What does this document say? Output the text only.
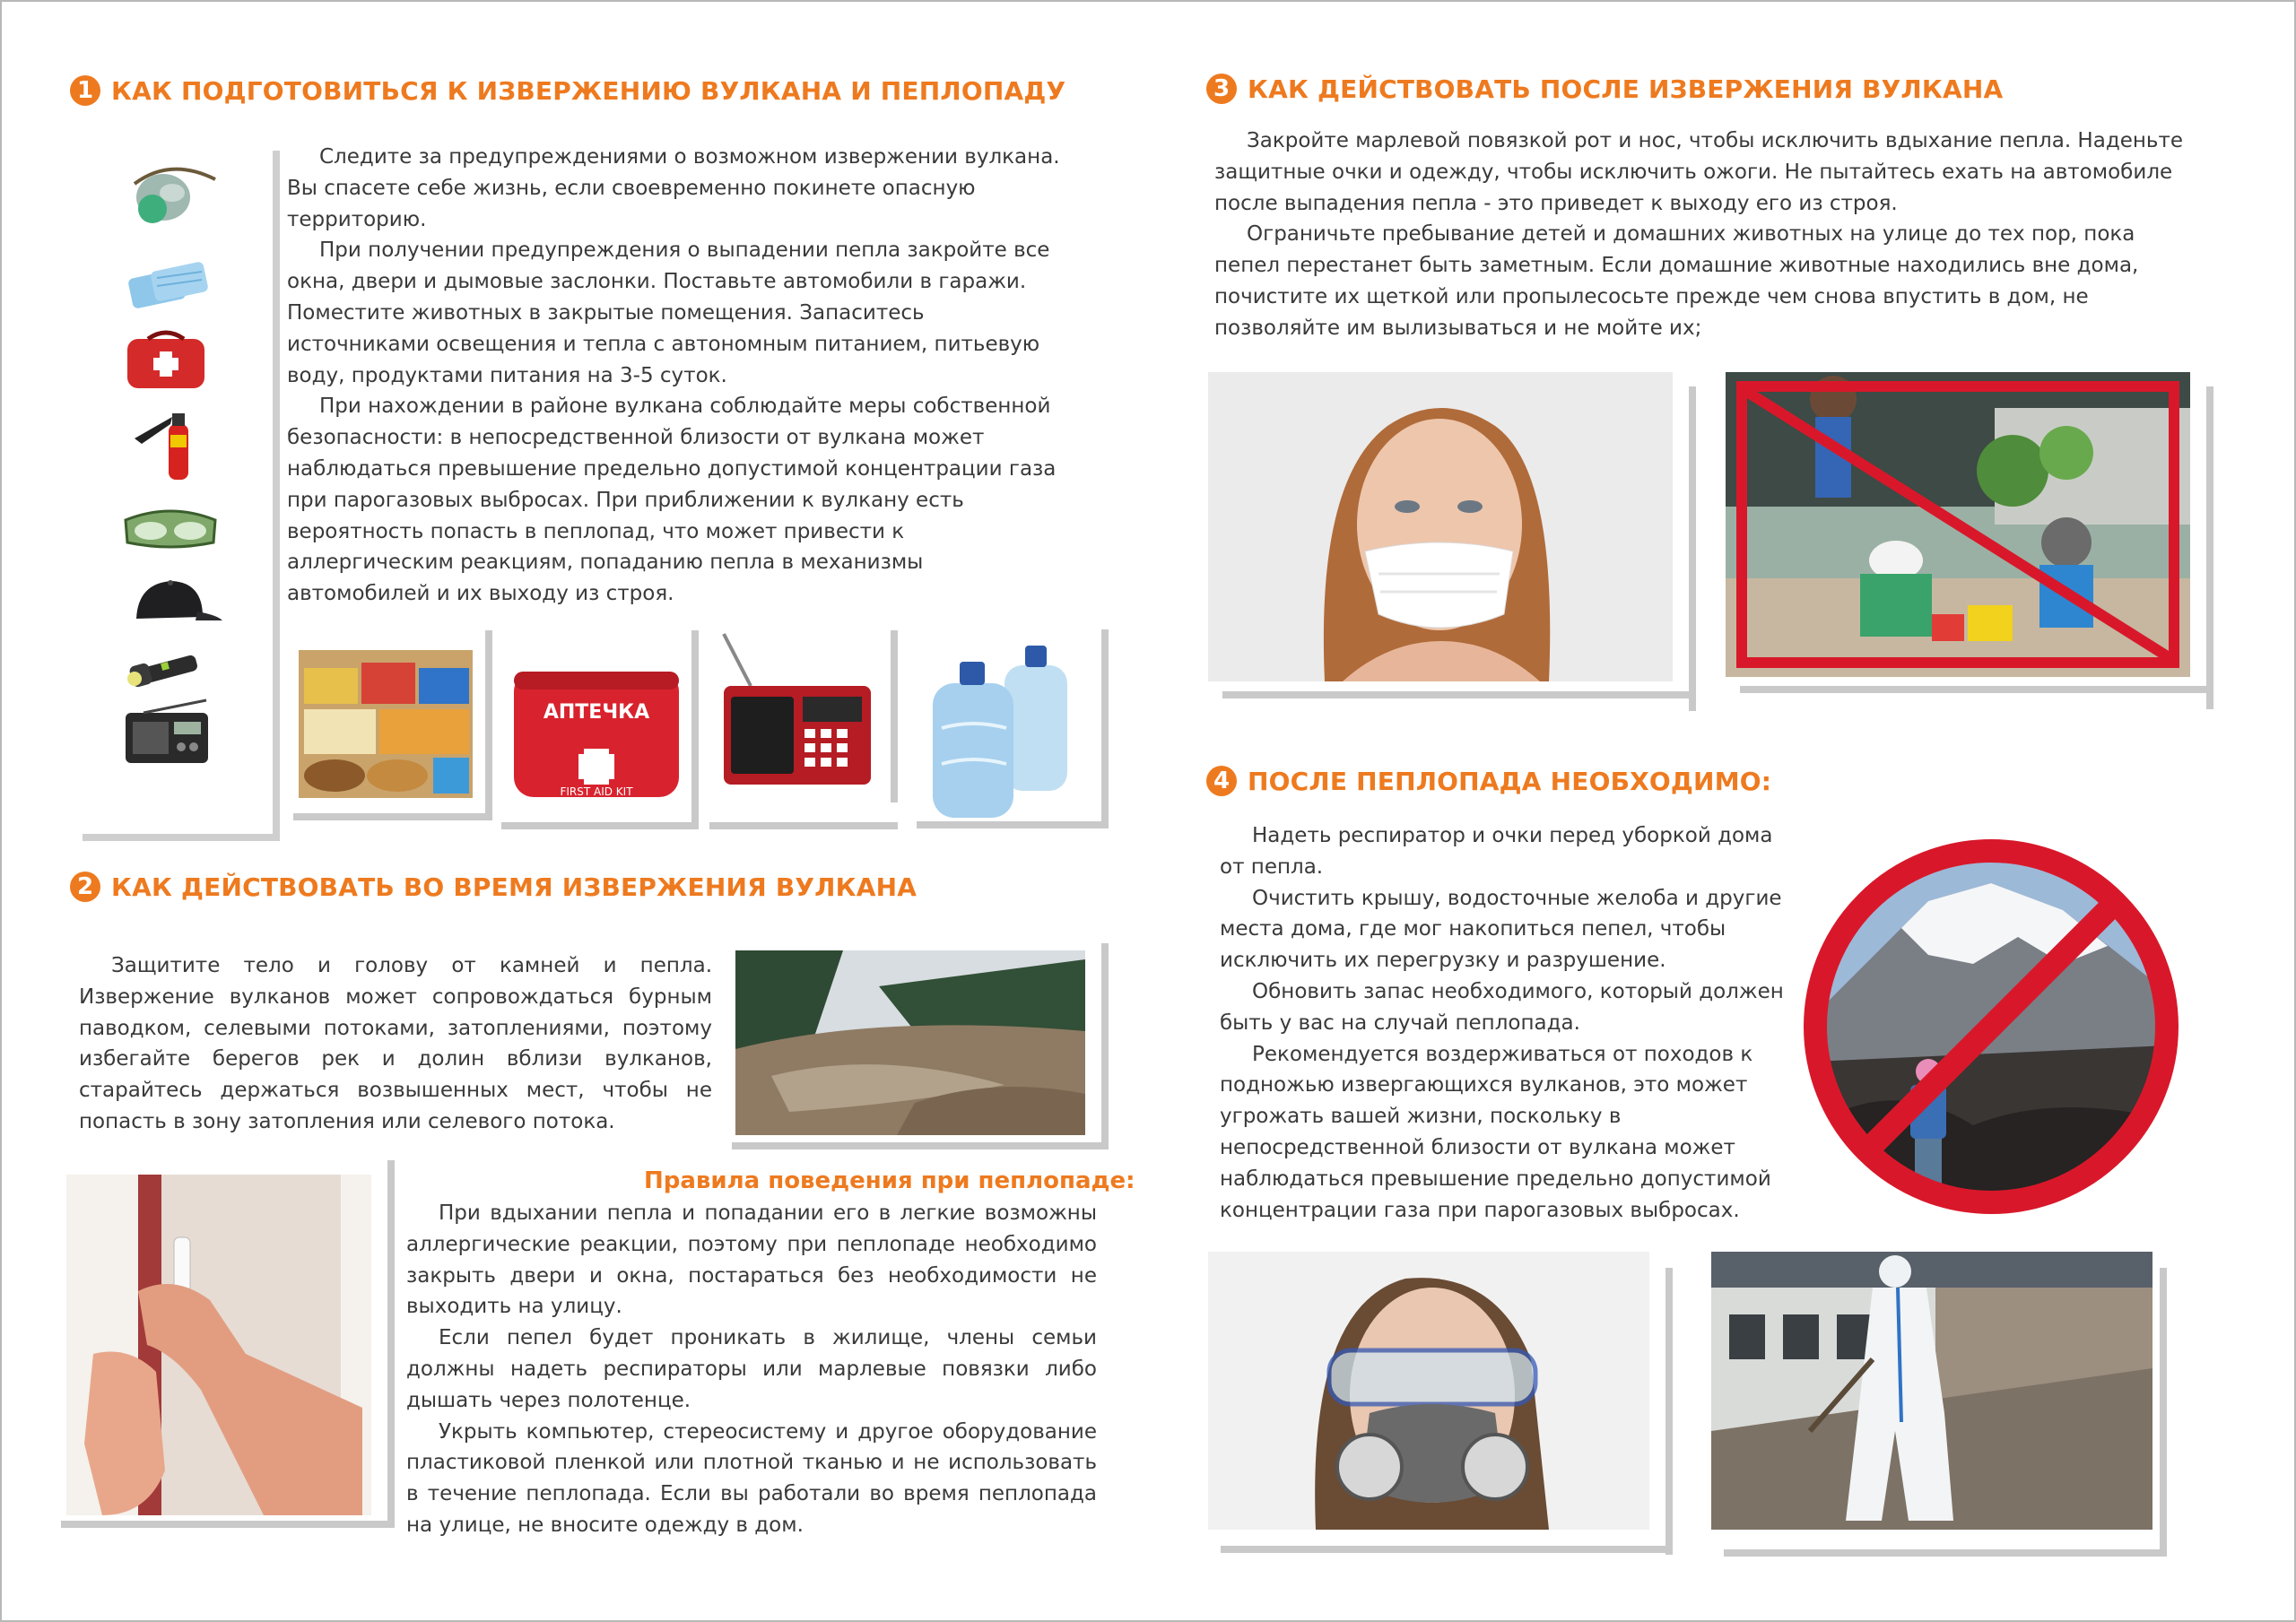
1 КАК ПОДГОТОВИТЬСЯ К ИЗВЕРЖЕНИЮ ВУЛКАНА И ПЕПЛОПАДУ

Следите за предупреждениями о возможном извержении вулкана. Вы спасете себе жизнь, если своевременно покинете опасную территорию.

При получении предупреждения о выпадении пепла закройте все окна, двери и дымовые заслонки. Поставьте автомобили в гаражи. Поместите животных в закрытые помещения. Запаситесь источниками освещения и тепла с автономным питанием, питьевую воду, продуктами питания на 3-5 суток.

При нахождении в районе вулкана соблюдайте меры собственной безопасности: в непосредственной близости от вулкана может наблюдаться превышение предельно допустимой концентрации газа при парогазовых выбросах. При приближении к вулкану есть вероятность попасть в пеплопад, что может привести к аллергическим реакциям, попаданию пепла в механизмы автомобилей и их выходу из строя.

АПТЕЧКА
FIRST AID KIT
2 КАК ДЕЙСТВОВАТЬ ВО ВРЕМЯ ИЗВЕРЖЕНИЯ ВУЛКАНА

Защитите тело и голову от камней и пепла. Извержение вулканов может сопровождаться бурным паводком, селевыми потоками, затоплениями, поэтому избегайте берегов рек и долин вблизи вулканов, старайтесь держаться возвышенных мест, чтобы не попасть в зону затопления или селевого потока.

Правила поведения при пеплопаде:

При вдыхании пепла и попадании его в легкие возможны аллергические реакции, поэтому при пеплопаде необходимо закрыть двери и окна, постараться без необходимости не выходить на улицу.

Если пепел будет проникать в жилище, члены семьи должны надеть респираторы или марлевые повязки либо дышать через полотенце.

Укрыть компьютер, стереосистему и другое оборудование пластиковой пленкой или плотной тканью и не использовать в течение пеплопада. Если вы работали во время пеплопада на улице, не вносите одежду в дом.

3 КАК ДЕЙСТВОВАТЬ ПОСЛЕ ИЗВЕРЖЕНИЯ ВУЛКАНА

Закройте марлевой повязкой рот и нос, чтобы исключить вдыхание пепла. Наденьте защитные очки и одежду, чтобы исключить ожоги. Не пытайтесь ехать на автомобиле после выпадения пепла - это приведет к выходу его из строя.

Ограничьте пребывание детей и домашних животных на улице до тех пор, пока пепел перестанет быть заметным. Если домашние животные находились вне дома, почистите их щеткой или пропылесосьте прежде чем снова впустить в дом, не позволяйте им вылизываться и не мойте их;

4 ПОСЛЕ ПЕПЛОПАДА НЕОБХОДИМО:

Надеть респиратор и очки перед уборкой дома от пепла.

Очистить крышу, водосточные желоба и другие места дома, где мог накопиться пепел, чтобы исключить их перегрузку и разрушение.

Обновить запас необходимого, который должен быть у вас на случай пеплопада.

Рекомендуется воздерживаться от походов к подножью извергающихся вулканов, это может угрожать вашей жизни, поскольку в непосредственной близости от вулкана может наблюдаться превышение предельно допустимой концентрации газа при парогазовых выбросах.
